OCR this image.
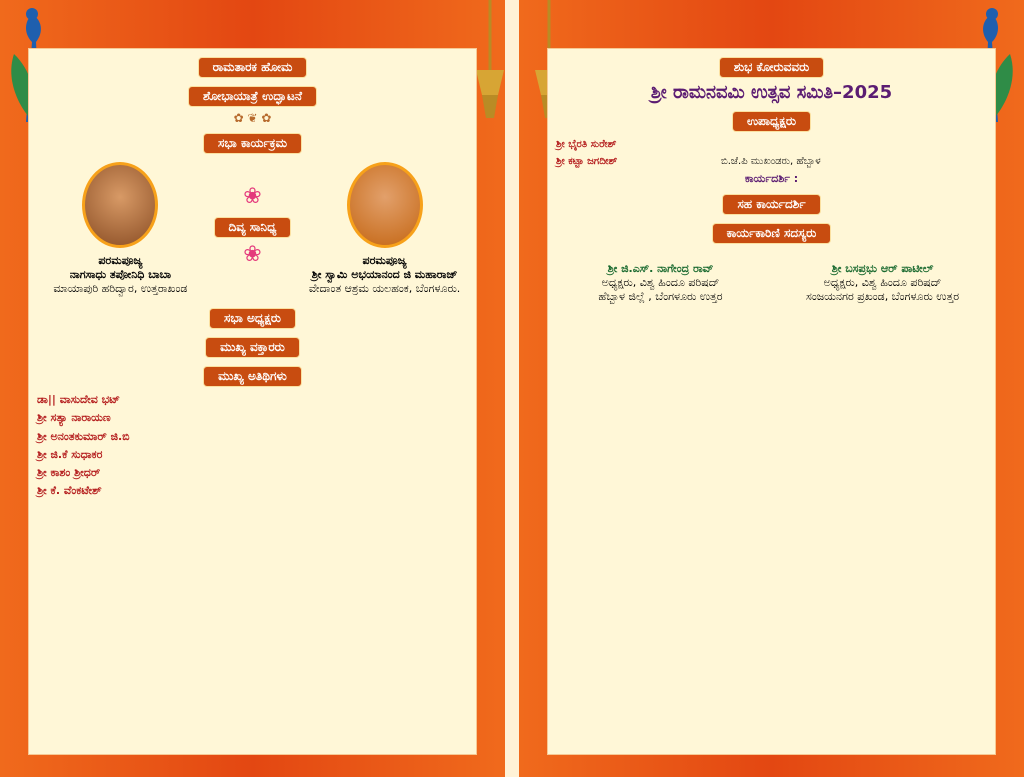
ರಾಮತಾರಕ ಹೋಮ
ಶೋಭಾಯಾತ್ರೆ ಉದ್ಘಾಟನೆ
✿ ❦ ✿
ಸಭಾ ಕಾರ್ಯಕ್ರಮ
ಪರಮಪೂಜ್ಯ
ನಾಗಸಾಧು ತಪೋನಿಧಿ ಬಾಬಾ
ಮಾಯಾಪುರಿ ಹರಿದ್ವಾರ, ಉತ್ತರಾಖಂಡ
❀
ದಿವ್ಯ ಸಾನಿಧ್ಯ
❀	ಪರಮಪೂಜ್ಯ
ಶ್ರೀ ಸ್ವಾಮಿ ಅಭಯಾನಂದ ಜಿ ಮಹಾರಾಜ್
ವೇದಾಂತ ಆಶ್ರಮ ಯಲಹಂಕ, ಬೆಂಗಳೂರು.
ಸಭಾ ಅಧ್ಯಕ್ಷರು
ಮುಖ್ಯ ವಕ್ತಾರರು
ಮುಖ್ಯ ಅತಿಥಿಗಳು
ಡಾ|| ವಾಸುದೇವ ಭಟ್
ಶ್ರೀ ಸತ್ಯಾ ನಾರಾಯಣ
ಶ್ರೀ ಅನಂತಕುಮಾರ್ ಜಿ.ಬಿ
ಶ್ರೀ ಜಿ.ಕೆ ಸುಧಾಕರ
ಶ್ರೀ ಕಾಶಂ ಶ್ರೀಧರ್
ಶ್ರೀ ಕೆ. ವೆಂಕಟೇಶ್
ಶುಭ ಕೋರುವವರು
ಶ್ರೀ ರಾಮನವಮಿ ಉತ್ಸವ ಸಮಿತಿ–2025
ಉಪಾಧ್ಯಕ್ಷರು
ಶ್ರೀ ಭೈರತಿ ಸುರೇಶ್
ಶ್ರೀ ಕಟ್ಟಾ ಜಗದೀಶ್	ಬಿ.ಜೆ.ಪಿ ಮುಖಂಡರು, ಹೆಬ್ಬಾಳ
ಕಾರ್ಯದರ್ಶಿ :
ಸಹ ಕಾರ್ಯದರ್ಶಿ
ಕಾರ್ಯಕಾರಿಣಿ ಸದಸ್ಯರು
ಶ್ರೀ ಜಿ.ಎಸ್. ನಾಗೇಂದ್ರ ರಾವ್
ಅಧ್ಯಕ್ಷರು, ವಿಶ್ವ ಹಿಂದೂ ಪರಿಷದ್
ಹೆಬ್ಬಾಳ ಜಿಲ್ಲೆ , ಬೆಂಗಳೂರು ಉತ್ತರ
ಶ್ರೀ ಬಸಪ್ರಭು ಆರ್ ಪಾಟೀಲ್
ಅಧ್ಯಕ್ಷರು, ವಿಶ್ವ ಹಿಂದೂ ಪರಿಷದ್
ಸಂಜಯನಗರ ಪ್ರಖಂಡ, ಬೆಂಗಳೂರು ಉತ್ತರ
